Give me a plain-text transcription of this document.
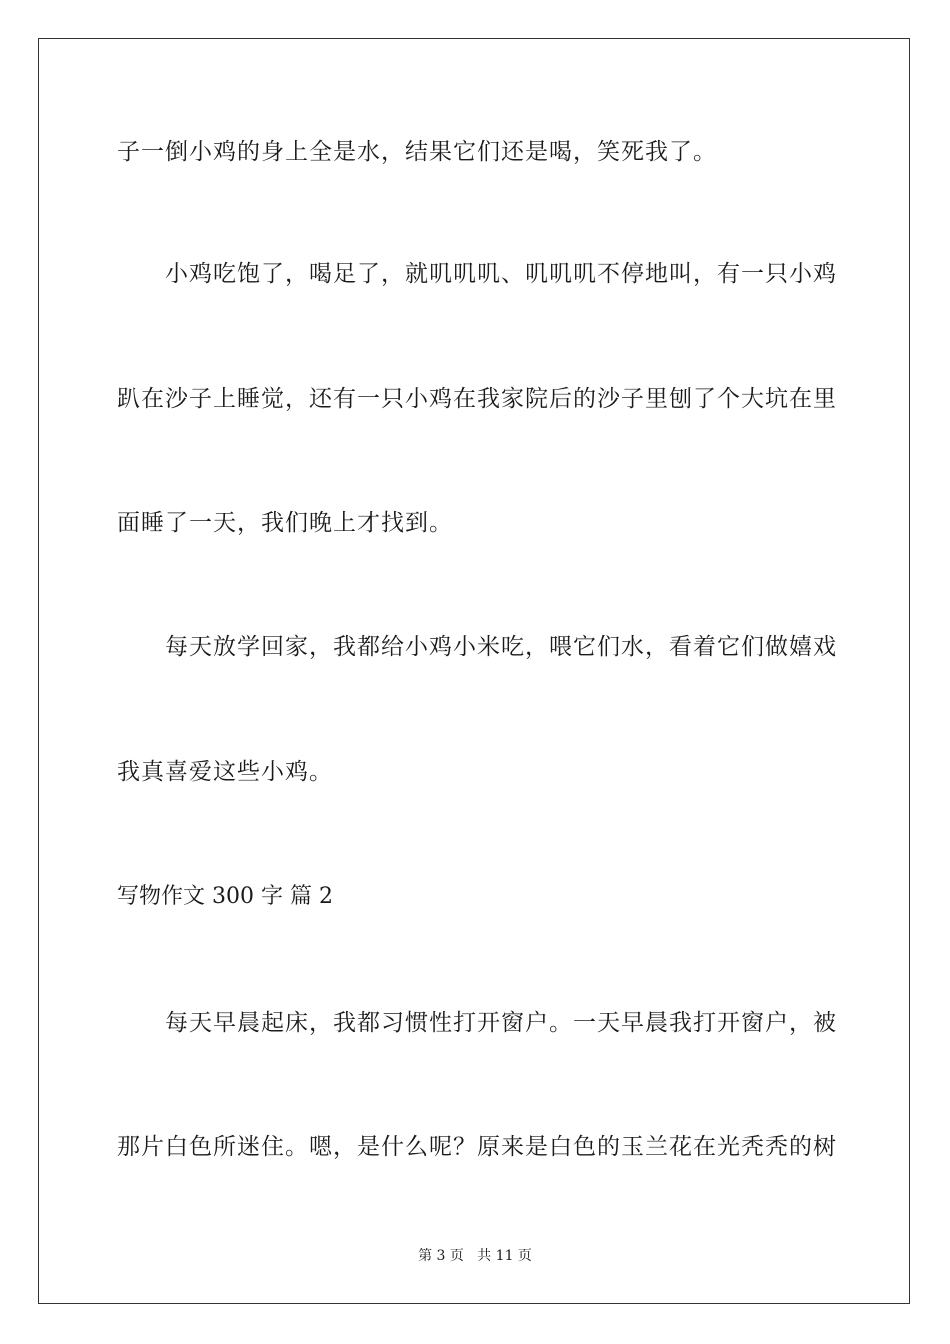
子一倒小鸡的身上全是水，结果它们还是喝，笑死我了。
小鸡吃饱了，喝足了，就叽叽叽、叽叽叽不停地叫，有一只小鸡
趴在沙子上睡觉，还有一只小鸡在我家院后的沙子里刨了个大坑在里
面睡了一天，我们晚上才找到。
每天放学回家，我都给小鸡小米吃，喂它们水，看着它们做嬉戏
我真喜爱这些小鸡。
写物作文 300 字 篇 2
每天早晨起床，我都习惯性打开窗户。一天早晨我打开窗户，被
那片白色所迷住。嗯，是什么呢？原来是白色的玉兰花在光秃秃的树
第 3 页   共 11 页
